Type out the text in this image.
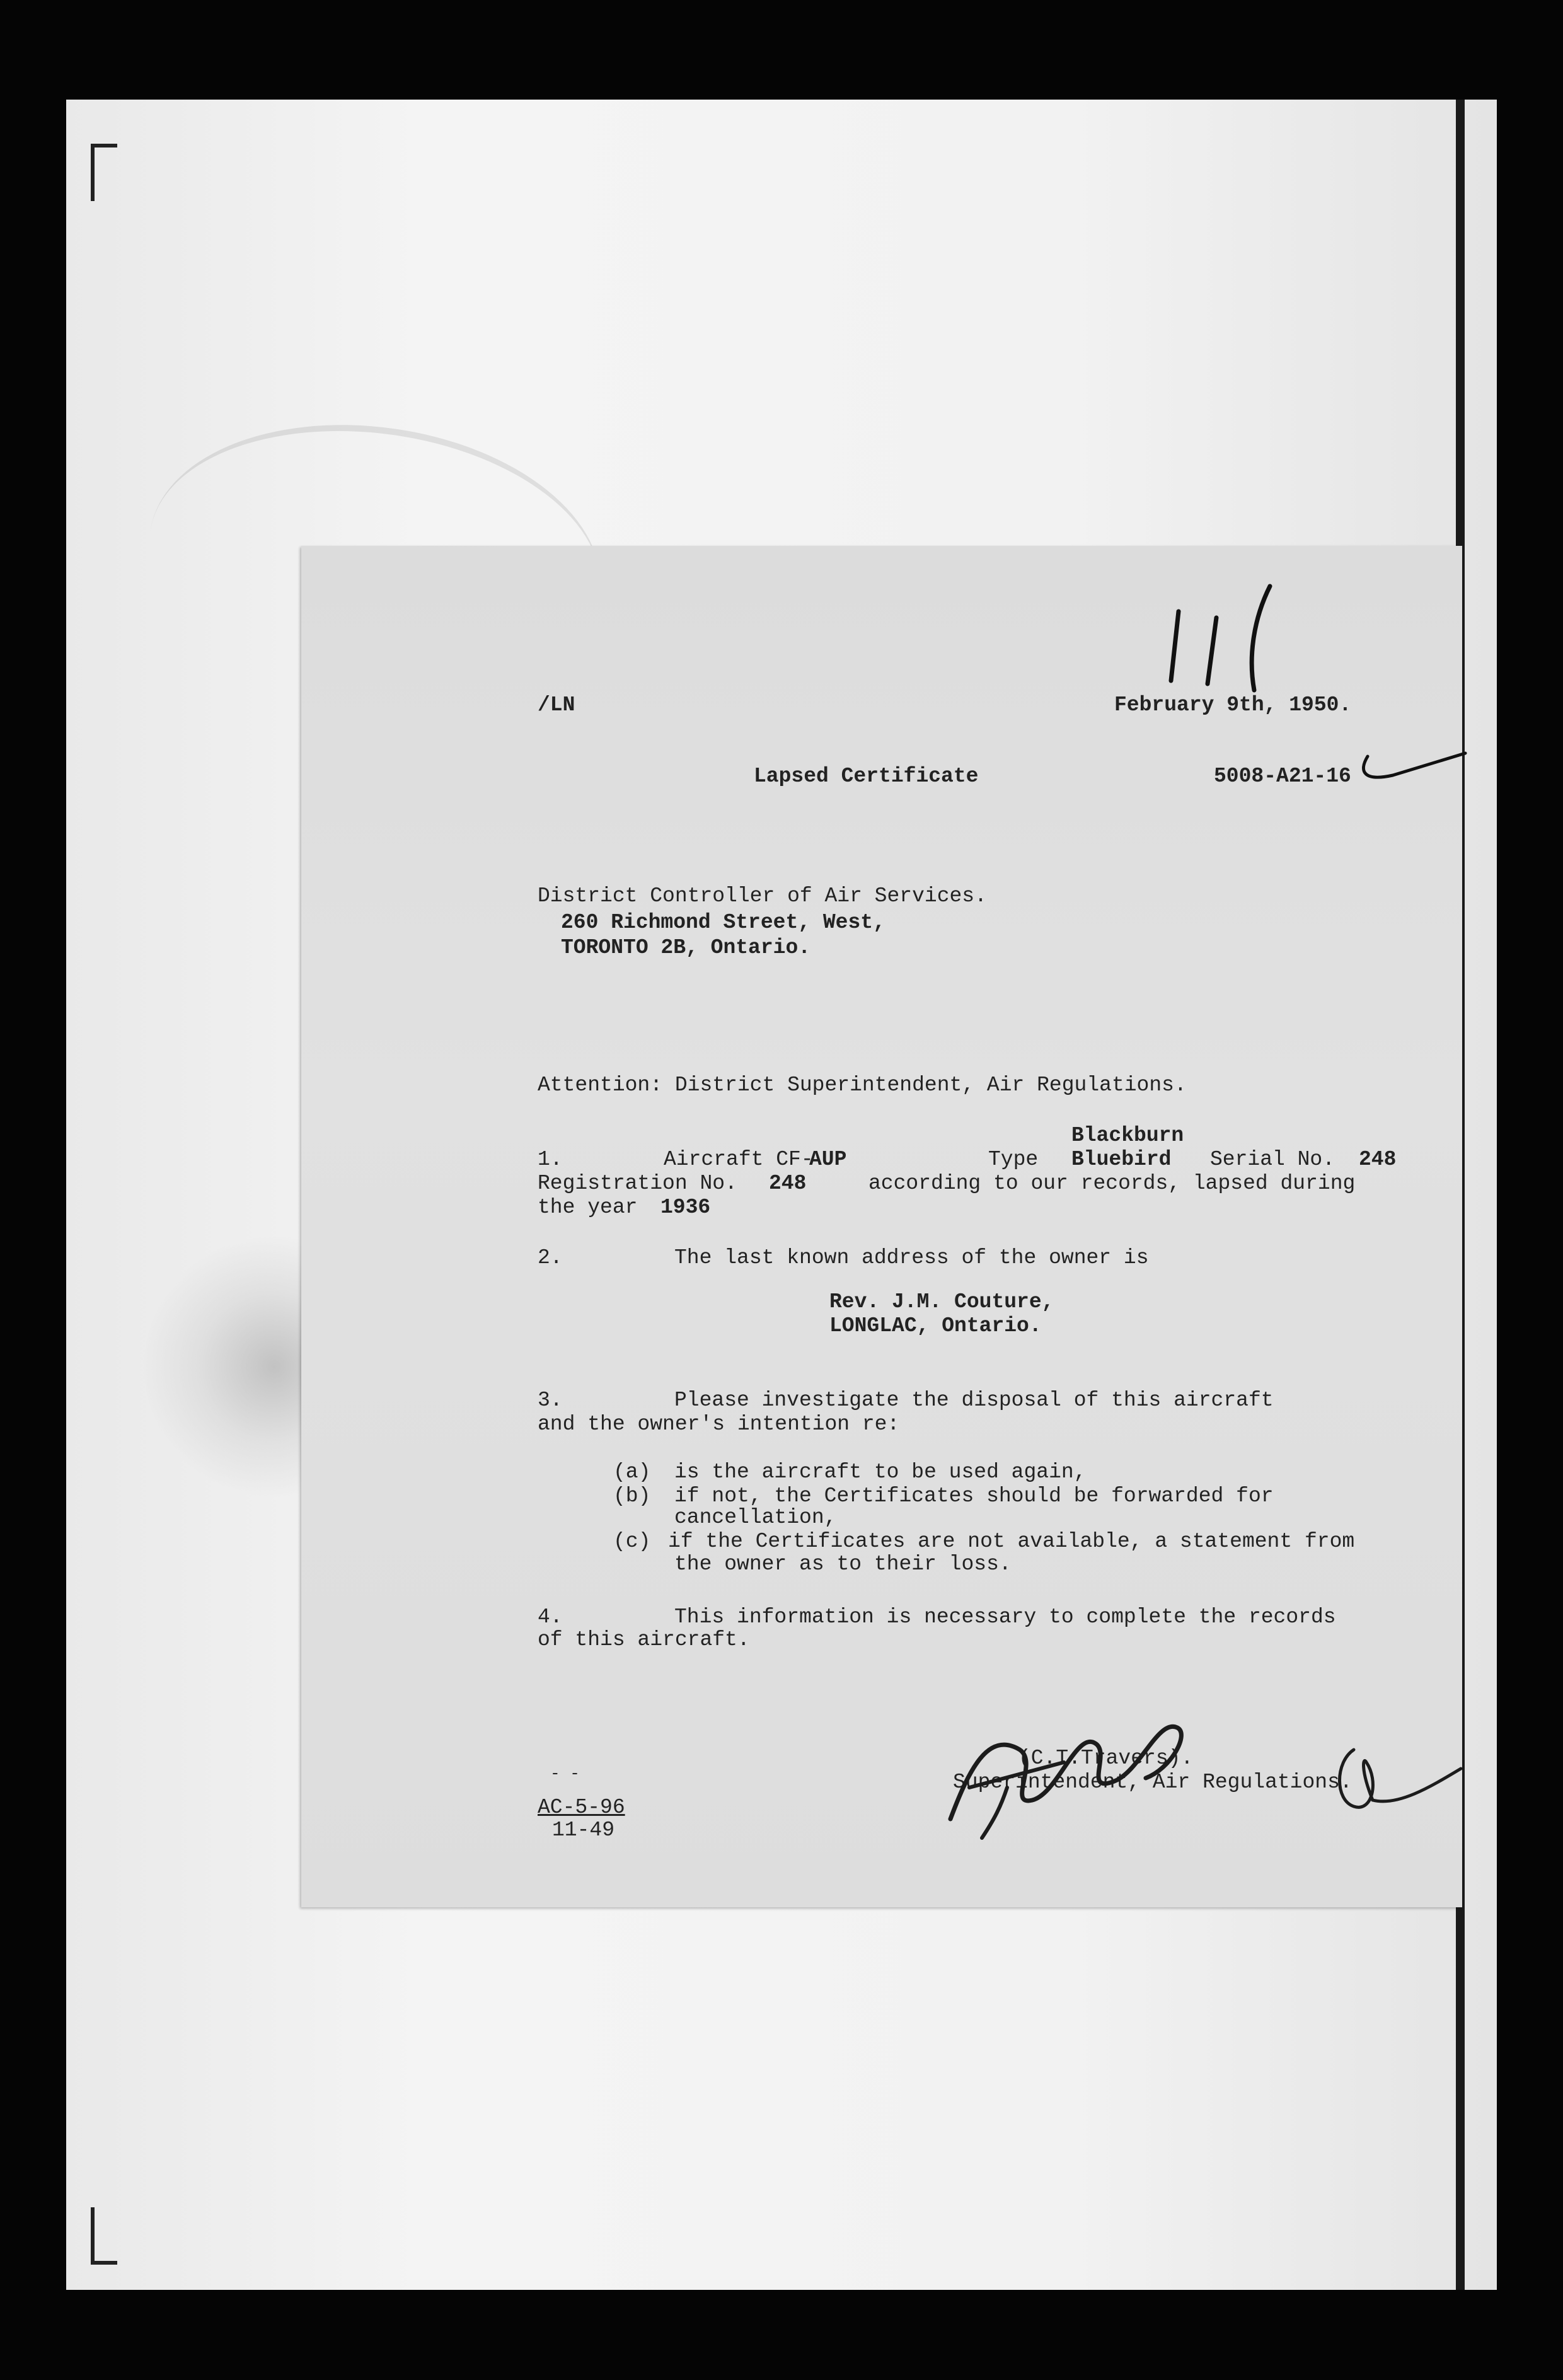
/LN	February 9th, 1950.
Lapsed Certificate	5008-A21-16
District Controller of Air Services.
260 Richmond Street, West,
TORONTO 2B, Ontario.
Attention: District Superintendent, Air Regulations.
Blackburn
1.	Aircraft CF-
AUP	Type Bluebird Serial No. 248
Registration No. 248	according to our records, lapsed during
the year 1936
2.	The last known address of the owner is
Rev. J.M. Couture,
LONGLAC, Ontario.
3.	Please investigate the disposal of this aircraft
and the owner's intention re:
(a) is the aircraft to be used again,
(b) if not, the Certificates should be forwarded for
cancellation,
(c) if the Certificates are not available, a statement from
the owner as to their loss.
4.	This information is necessary to complete the records
of this aircraft.
(C.T.Travers).
Superintendent, Air Regulations.
- -
AC-5-96
11-49
